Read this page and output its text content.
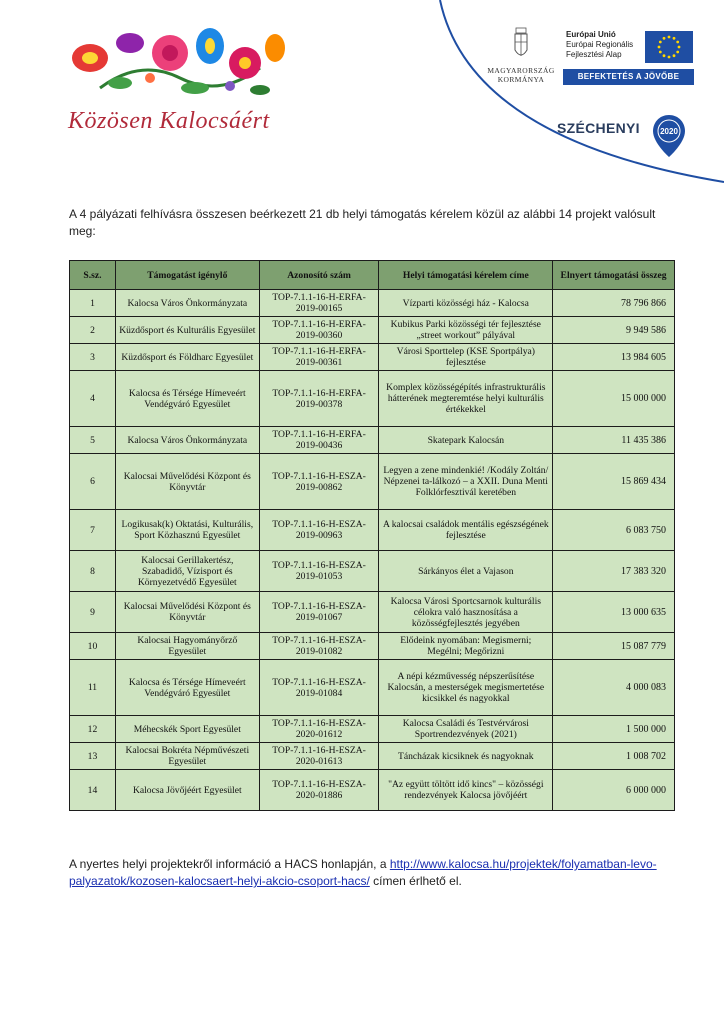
Közösen Kalocsáért
MAGYARORSZÁG
KORMÁNYA
Európai Unió
Európai Regionális
Fejlesztési Alap
BEFEKTETÉS A JÖVŐBE
SZÉCHENYI	2020
A 4 pályázati felhívásra összesen beérkezett 21 db helyi támogatás kérelem közül az alábbi 14 projekt valósult meg:
S.sz.	Támogatást igénylő	Azonosító szám	Helyi támogatási kérelem címe	Elnyert támogatási összeg
1	Kalocsa Város Önkormányzata	TOP-7.1.1-16-H-ERFA-2019-00165	Vízparti közösségi ház - Kalocsa	78 796 866
2	Küzdősport és Kulturális Egyesület	TOP-7.1.1-16-H-ERFA-2019-00360	Kubikus Parki közösségi tér fejlesztése „street workout” pályával	9 949 586
3	Küzdősport és Földharc Egyesület	TOP-7.1.1-16-H-ERFA-2019-00361	Városi Sporttelep (KSE Sportpálya) fejlesztése	13 984 605
4	Kalocsa és Térsége Hímeveért Vendégváró Egyesület	TOP-7.1.1-16-H-ERFA-2019-00378	Komplex közösségépítés infrastrukturális hátterének megteremtése helyi kulturális értékekkel	15 000 000
5	Kalocsa Város Önkormányzata	TOP-7.1.1-16-H-ERFA-2019-00436	Skatepark Kalocsán	11 435 386
6	Kalocsai Művelődési Központ és Könyvtár	TOP-7.1.1-16-H-ESZA-2019-00862	Legyen a zene mindenkié! /Kodály Zoltán/ Népzenei ta-lálkozó – a XXII. Duna Menti Folklórfesztivál keretében	15 869 434
7	Logikusak(k) Oktatási, Kulturális, Sport Közhasznú Egyesület	TOP-7.1.1-16-H-ESZA-2019-00963	A kalocsai családok mentális egészségének fejlesztése	6 083 750
8	Kalocsai Gerillakertész, Szabadidő, Vízisport és Környezetvédő Egyesület	TOP-7.1.1-16-H-ESZA-2019-01053	Sárkányos élet a Vajason	17 383 320
9	Kalocsai Művelődési Központ és Könyvtár	TOP-7.1.1-16-H-ESZA-2019-01067	Kalocsa Városi Sportcsarnok kulturális célokra való hasznosítása a közösségfejlesztés jegyében	13 000 635
10	Kalocsai Hagyományőrző Egyesület	TOP-7.1.1-16-H-ESZA-2019-01082	Elődeink nyomában: Megismerni; Megélni; Megőrizni	15 087 779
11	Kalocsa és Térsége Hímeveért Vendégváró Egyesület	TOP-7.1.1-16-H-ESZA-2019-01084	A népi kézművesség népszerűsítése Kalocsán, a mesterségek megismertetése kicsikkel és nagyokkal	4 000 083
12	Méhecskék Sport Egyesület	TOP-7.1.1-16-H-ESZA-2020-01612	Kalocsa Családi és Testvérvárosi Sportrendezvények (2021)	1 500 000
13	Kalocsai Bokréta Népművészeti Egyesület	TOP-7.1.1-16-H-ESZA-2020-01613	Táncházak kicsiknek és nagyoknak	1 008 702
14	Kalocsa Jövőjéért Egyesület	TOP-7.1.1-16-H-ESZA-2020-01886	"Az együtt töltött idő kincs" – közösségi rendezvények Kalocsa jövőjéért	6 000 000
A nyertes helyi projektekről információ a HACS honlapján, a http://www.kalocsa.hu/projektek/folyamatban-levo-palyazatok/kozosen-kalocsaert-helyi-akcio-csoport-hacs/ címen érlhető el.
